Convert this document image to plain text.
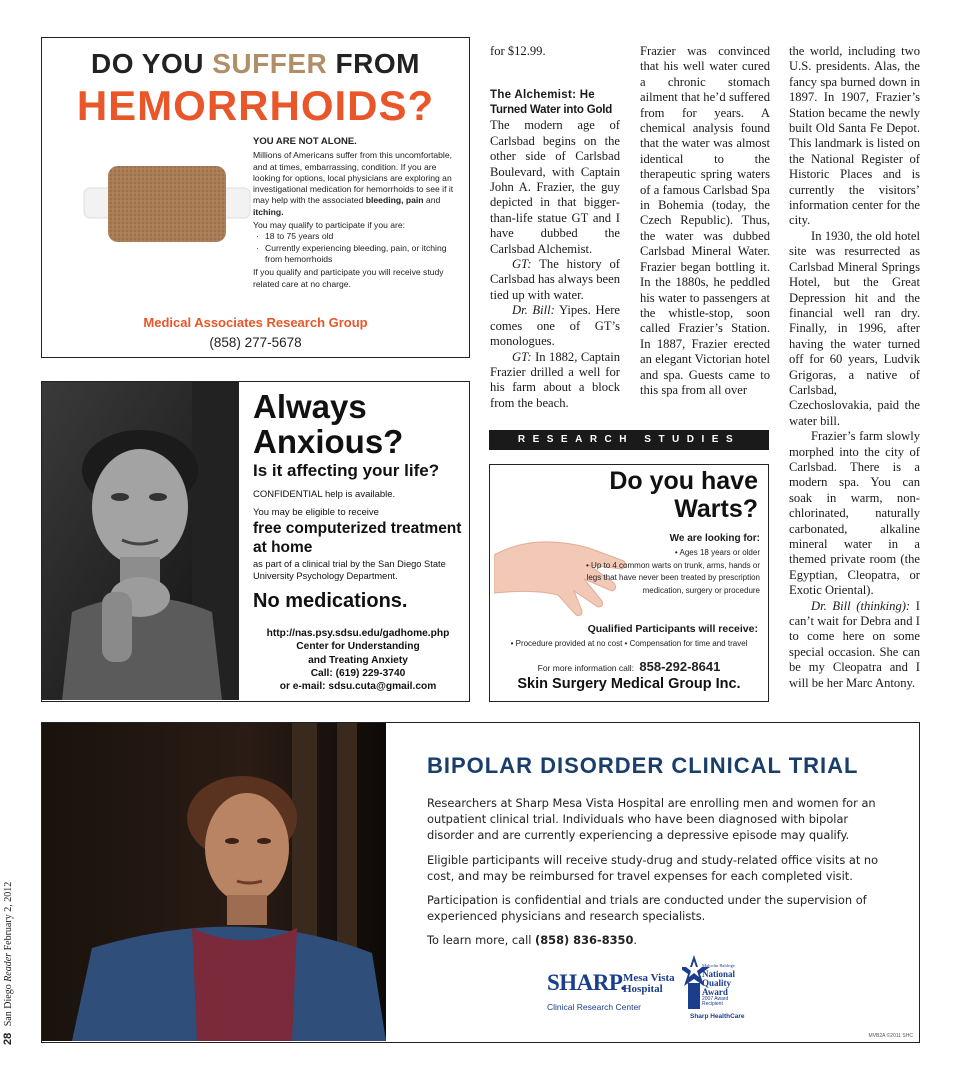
DO YOU SUFFER FROM
HEMORRHOIDS?
YOU ARE NOT ALONE.
Millions of Americans suffer from this uncomfortable, and at times, embarrassing, condition. If you are looking for options, local physicians are exploring an investigational medication for hemorrhoids to see if it may help with the associated bleeding, pain and itching.
You may qualify to participate if you are:
· 18 to 75 years old
· Currently experiencing bleeding, pain, or itching from hemorrhoids
If you qualify and participate you will receive study related care at no charge.
Medical Associates Research Group
(858) 277-5678
Always Anxious?
Is it affecting your life?
CONFIDENTIAL help is available.
You may be eligible to receive
free computerized treatment at home
as part of a clinical trial by the San Diego State University Psychology Department.
No medications.
http://nas.psy.sdsu.edu/gadhome.php
Center for Understanding
and Treating Anxiety
Call: (619) 229-3740
or e-mail: sdsu.cuta@gmail.com

for $12.99.

The Alchemist: He
Turned Water into Gold

The modern age of Carlsbad begins on the other side of Carlsbad Boulevard, with Captain John A. Frazier, the guy depicted in that bigger-than-life statue GT and I have dubbed the Carlsbad Alchemist.

GT: The history of Carlsbad has always been tied up with water.

Dr. Bill: Yipes. Here comes one of GT’s monologues.

GT: In 1882, Captain Frazier drilled a well for his farm about a block from the beach.

Frazier was convinced that his well water cured a chronic stomach ailment that he’d suffered from for years. A chemical analysis found that the water was almost identical to the therapeutic spring waters of a famous Carlsbad Spa in Bohemia (today, the Czech Republic). Thus, the water was dubbed Carlsbad Mineral Water. Frazier began bottling it. In the 1880s, he peddled his water to passengers at the whistle-stop, soon called Frazier’s Station. In 1887, Frazier erected an elegant Victorian hotel and spa. Guests came to this spa from all over

the world, including two U.S. presidents. Alas, the fancy spa burned down in 1897. In 1907, Frazier’s Station became the newly built Old Santa Fe Depot. This landmark is listed on the National Register of Historic Places and is currently the visitors’ information center for the city.

In 1930, the old hotel site was resurrected as Carlsbad Mineral Springs Hotel, but the Great Depression hit and the financial well ran dry. Finally, in 1996, after having the water turned off for 60 years, Ludvik Grigoras, a native of Carlsbad, Czechoslovakia, paid the water bill.

Frazier’s farm slowly morphed into the city of Carlsbad. There is a modern spa. You can soak in warm, non-chlorinated, naturally carbonated, alkaline mineral water in a themed private room (the Egyptian, Cleopatra, or Exotic Oriental).

Dr. Bill (thinking): I can’t wait for Debra and I to come here on some special occasion. She can be my Cleopatra and I will be her Marc Antony.

RESEARCH STUDIES
Do you have Warts?
We are looking for:
• Ages 18 years or older
• Up to 4 common warts on trunk, arms, hands or legs that have never been treated by prescription medication, surgery or procedure
Qualified Participants will receive:
• Procedure provided at no cost • Compensation for time and travel
For more information call: 858-292-8641
Skin Surgery Medical Group Inc.
BIPOLAR DISORDER CLINICAL TRIAL

Researchers at Sharp Mesa Vista Hospital are enrolling men and women for an outpatient clinical trial. Individuals who have been diagnosed with bipolar disorder and are currently experiencing a depressive episode may qualify.

Eligible participants will receive study-drug and study-related office visits at no cost, and may be reimbursed for travel expenses for each completed visit.

Participation is confidential and trials are conducted under the supervision of experienced physicians and research specialists.

To learn more, call (858) 836-8350.

SHARP.
Mesa Vista
Hospital
Clinical Research Center
Malcolm Baldrige
National
Quality
Award
2007 Award
Recipient
Sharp HealthCare
MVB2A ©2011 SHC
28 San Diego Reader February 2, 2012
